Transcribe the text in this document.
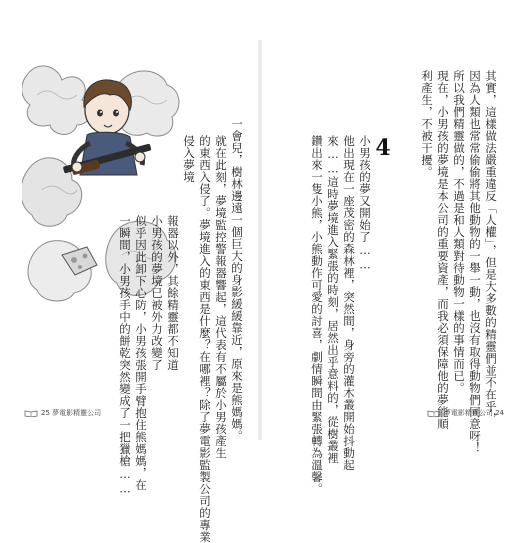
一會兒，樹林邊遠一個巨大的身影緩緩靠近，原來是熊媽媽。
就在此刻，夢境監控警報器響起，這代表有不屬於小男孩產生
的東西入侵了。夢境進入的東西是什麼？在哪裡？除了夢電影監製公司的專業
侵入夢境
報器以外，其餘精靈都不知道
小男孩的夢境已被外力改變了
似乎因此卸下心防，小男孩張開手臂抱住熊媽媽，在
一瞬間，小男孩手中的餅乾突然變成了一把獵槍……
25 夢電影精靈公司	其實，這樣做法嚴重違反「人權」，但是大多數的精靈們並不在乎，
因為人類也常常偷偷將其他動物的一舉一動，也沒有取得動物們同意呀！
所以我們精靈做的，不過是和人類對待動物一樣的事情而已。
現在，小男孩的夢境是本公司的重要資產，而我必須保障他的夢能順
利產生，不被干擾。
小男孩的夢又開始了……
他出現在一座茂密的森林裡，突然間，身旁的灌木叢開始抖動起
來……這時夢境進入緊張的時刻，居然出乎意料的，從樹叢裡
鑽出來一隻小熊，小熊動作可愛的討喜，劇情瞬間由緊張轉為溫馨。	夢電影精靈公司 24
4
